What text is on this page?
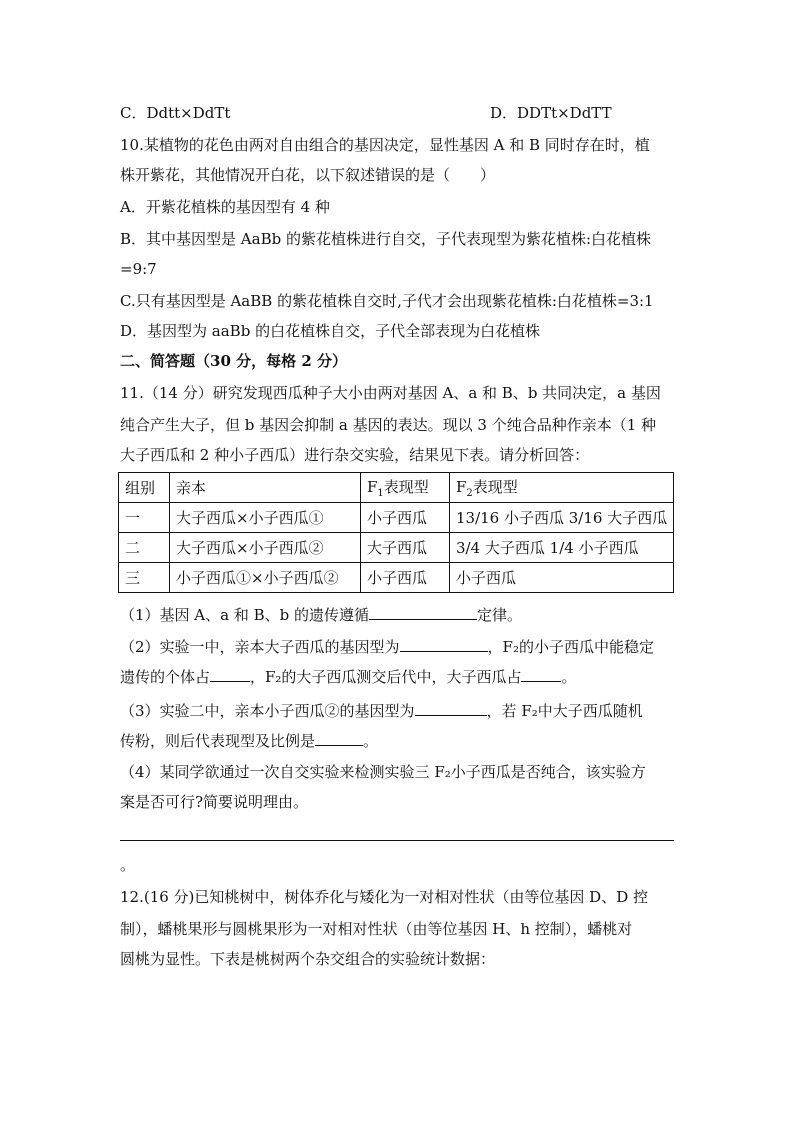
C．Ddtt×DdTt	D．DDTt×DdTT
10.某植物的花色由两对自由组合的基因决定，显性基因 A 和 B 同时存在时，植
株开紫花，其他情况开白花，以下叙述错误的是（　　）
A．开紫花植株的基因型有 4 种
B．其中基因型是 AaBb 的紫花植株进行自交，子代表现型为紫花植株:白花植株
=9:7
C.只有基因型是 AaBB 的紫花植株自交时,子代才会出现紫花植株:白花植株=3:1
D．基因型为 aaBb 的白花植株自交，子代全部表现为白花植株
二、简答题（30 分，每格 2 分）
11.（14 分）研究发现西瓜种子大小由两对基因 A、a 和 B、b 共同决定，a 基因
纯合产生大子，但 b 基因会抑制 a 基因的表达。现以 3 个纯合品种作亲本（1 种
大子西瓜和 2 种小子西瓜）进行杂交实验，结果见下表。请分析回答：
组别	亲本	$F_1$表现型	$F_2$表现型
一	大子西瓜×小子西瓜①	小子西瓜	13/16 小子西瓜 3/16 大子西瓜
二	大子西瓜×小子西瓜②	大子西瓜	3/4 大子西瓜 1/4 小子西瓜
三	小子西瓜①×小子西瓜②	小子西瓜	小子西瓜
（1）基因 A、a 和 B、b 的遗传遵循	定律。
（2）实验一中，亲本大子西瓜的基因型为	，F₂的小子西瓜中能稳定
遗传的个体占	，F₂的大子西瓜测交后代中，大子西瓜占	。
（3）实验二中，亲本小子西瓜②的基因型为	，若 F₂中大子西瓜随机
传粉，则后代表现型及比例是	。
（4）某同学欲通过一次自交实验来检测实验三 F₂小子西瓜是否纯合，该实验方
案是否可行?简要说明理由。
。
12.(16 分)已知桃树中，树体乔化与矮化为一对相对性状（由等位基因 D、D 控
制），蟠桃果形与圆桃果形为一对相对性状（由等位基因 H、h 控制），蟠桃对
圆桃为显性。下表是桃树两个杂交组合的实验统计数据：
